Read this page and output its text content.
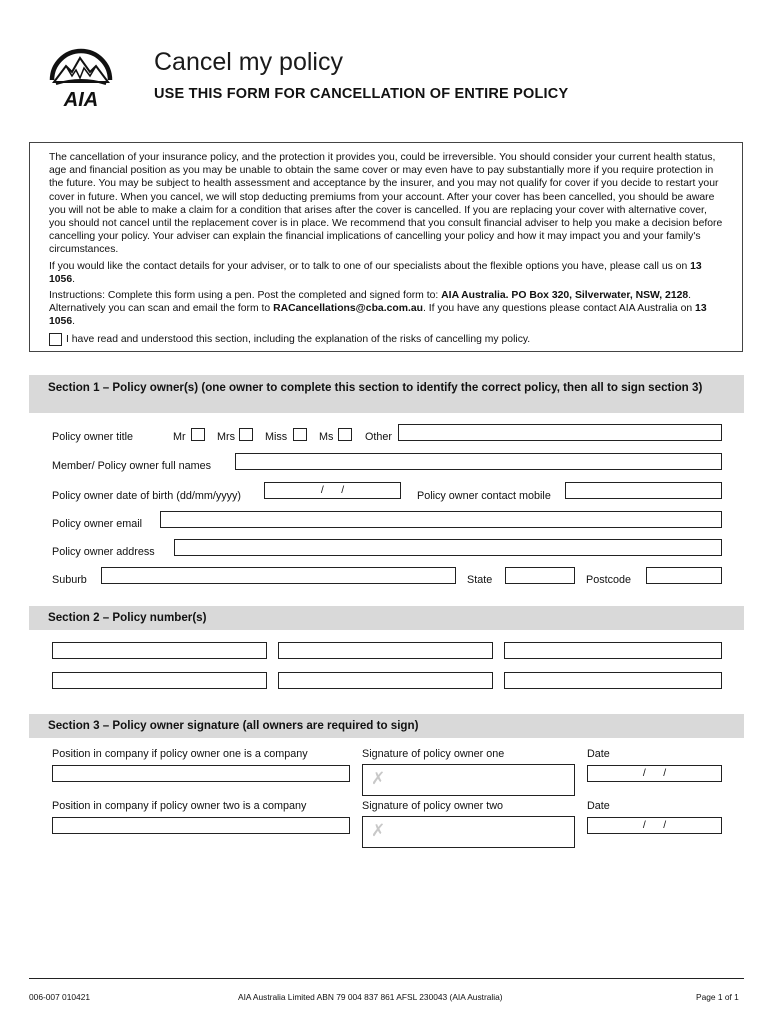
AIA
Cancel my policy
USE THIS FORM FOR CANCELLATION OF ENTIRE POLICY

The cancellation of your insurance policy, and the protection it provides you, could be irreversible. You should consider your current health status, age and financial position as you may be unable to obtain the same cover or may even have to pay substantially more if you require protection in the future. You may be subject to health assessment and acceptance by the insurer, and you may not qualify for cover if you decide to restart your cover in future. When you cancel, we will stop deducting premiums from your account. After your cover has been cancelled, you should be aware you will not be able to make a claim for a condition that arises after the cover is cancelled. If you are replacing your cover with alternative cover, you should not cancel until the replacement cover is in place. We recommend that you consult financial adviser to help you make a decision before cancelling your policy. Your adviser can explain the financial implications of cancelling your policy and how it may impact you and your family's circumstances.

If you would like the contact details for your adviser, or to talk to one of our specialists about the flexible options you have, please call us on 13 1056.

Instructions: Complete this form using a pen. Post the completed and signed form to: AIA Australia. PO Box 320, Silverwater, NSW, 2128. Alternatively you can scan and email the form to RACancellations@cba.com.au. If you have any questions please contact AIA Australia on 13 1056.

I have read and understood this section, including the explanation of the risks of cancelling my policy.
Section 1 – Policy owner(s) (one owner to complete this section to identify the correct policy, then all to sign section 3)
Policy owner title	Mr	Mrs	Miss	Ms	Other
Member/ Policy owner full names
Policy owner date of birth (dd/mm/yyyy)	/      /	Policy owner contact mobile
Policy owner email
Policy owner address
Suburb	State	Postcode
Section 2 – Policy number(s)
Section 3 – Policy owner signature (all owners are required to sign)
Position in company if policy owner one is a company	Signature of policy owner one	Date
✗	/      /
Position in company if policy owner two is a company	Signature of policy owner two	Date
✗	/      /
006-007 010421	AIA Australia Limited ABN 79 004 837 861 AFSL 230043 (AIA Australia)	Page 1 of 1
